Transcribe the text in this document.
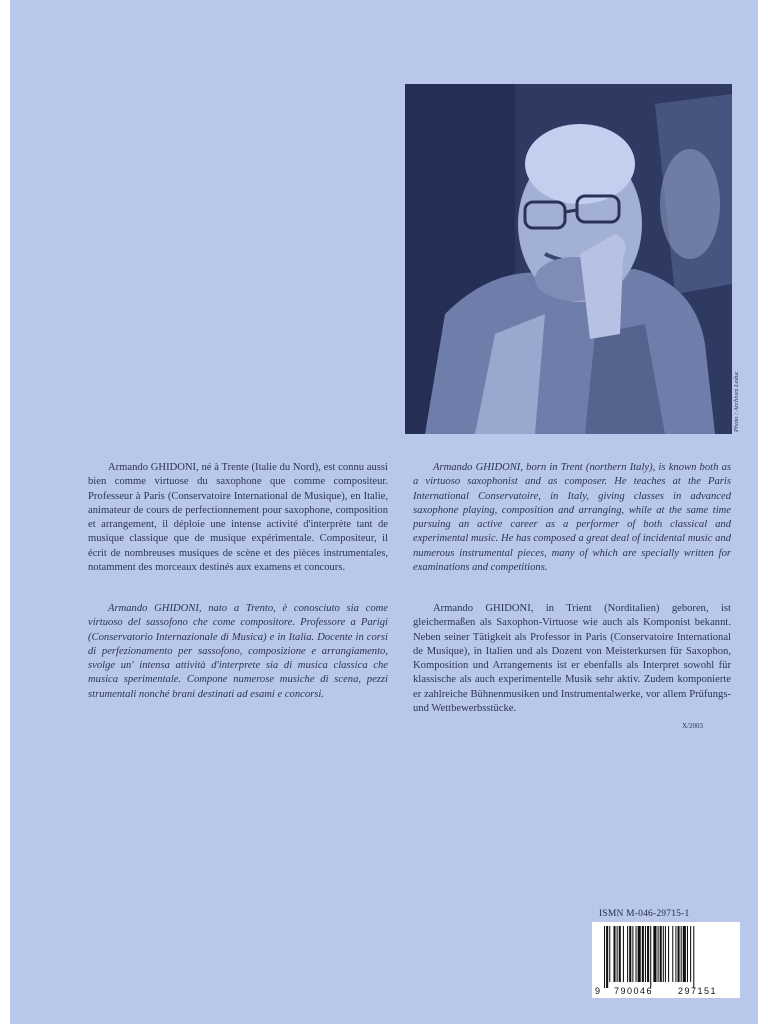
Photo : Archives Leduc

Armando GHIDONI, né à Trente (Italie du Nord), est connu aussi bien comme virtuose du saxophone que comme compositeur. Professeur à Paris (Conservatoire International de Musique), en Italie, animateur de cours de perfectionnement pour saxophone, composition et arrangement, il déploie une intense activité d'interprète tant de musique classique que de musique expérimentale. Compositeur, il écrit de nombreuses musiques de scène et des pièces instrumentales, notamment des morceaux destinés aux examens et concours.

Armando GHIDONI, nato a Trento, è conosciuto sia come virtuoso del sassofono che come compositore. Professore a Parigi (Conservatorio Internazionale di Musica) e in Italia. Docente in corsi di perfezionamento per sassofono, composizione e arrangiamento, svolge un' intensa attività d'interprete sia di musica classica che musica sperimentale. Compone numerose musiche di scena, pezzi strumentali nonché brani destinati ad esami e concorsi.

Armando GHIDONI, born in Trent (northern Italy), is known both as a virtuoso saxophonist and as composer. He teaches at the Paris International Conservatoire, in Italy, giving classes in advanced saxophone playing, composition and arranging, while at the same time pursuing an active career as a performer of both classical and experimental music. He has composed a great deal of incidental music and numerous instrumental pieces, many of which are specially written for examinations and competitions.

Armando GHIDONI, in Trient (Norditalien) geboren, ist gleichermaßen als Saxophon-Virtuose wie auch als Komponist bekannt. Neben seiner Tätigkeit als Professor in Paris (Conservatoire International de Musique), in Italien und als Dozent von Meisterkursen für Saxophon, Komposition und Arrangements ist er ebenfalls als Interpret sowohl für klassische als auch experimentelle Musik sehr aktiv. Zudem komponierte er zahlreiche Bühnenmusiken und Instrumentalwerke, vor allem Prüfungs- und Wettbewerbsstücke.

X/2003
ISMN M-046-29715-1
9 790046	297151
